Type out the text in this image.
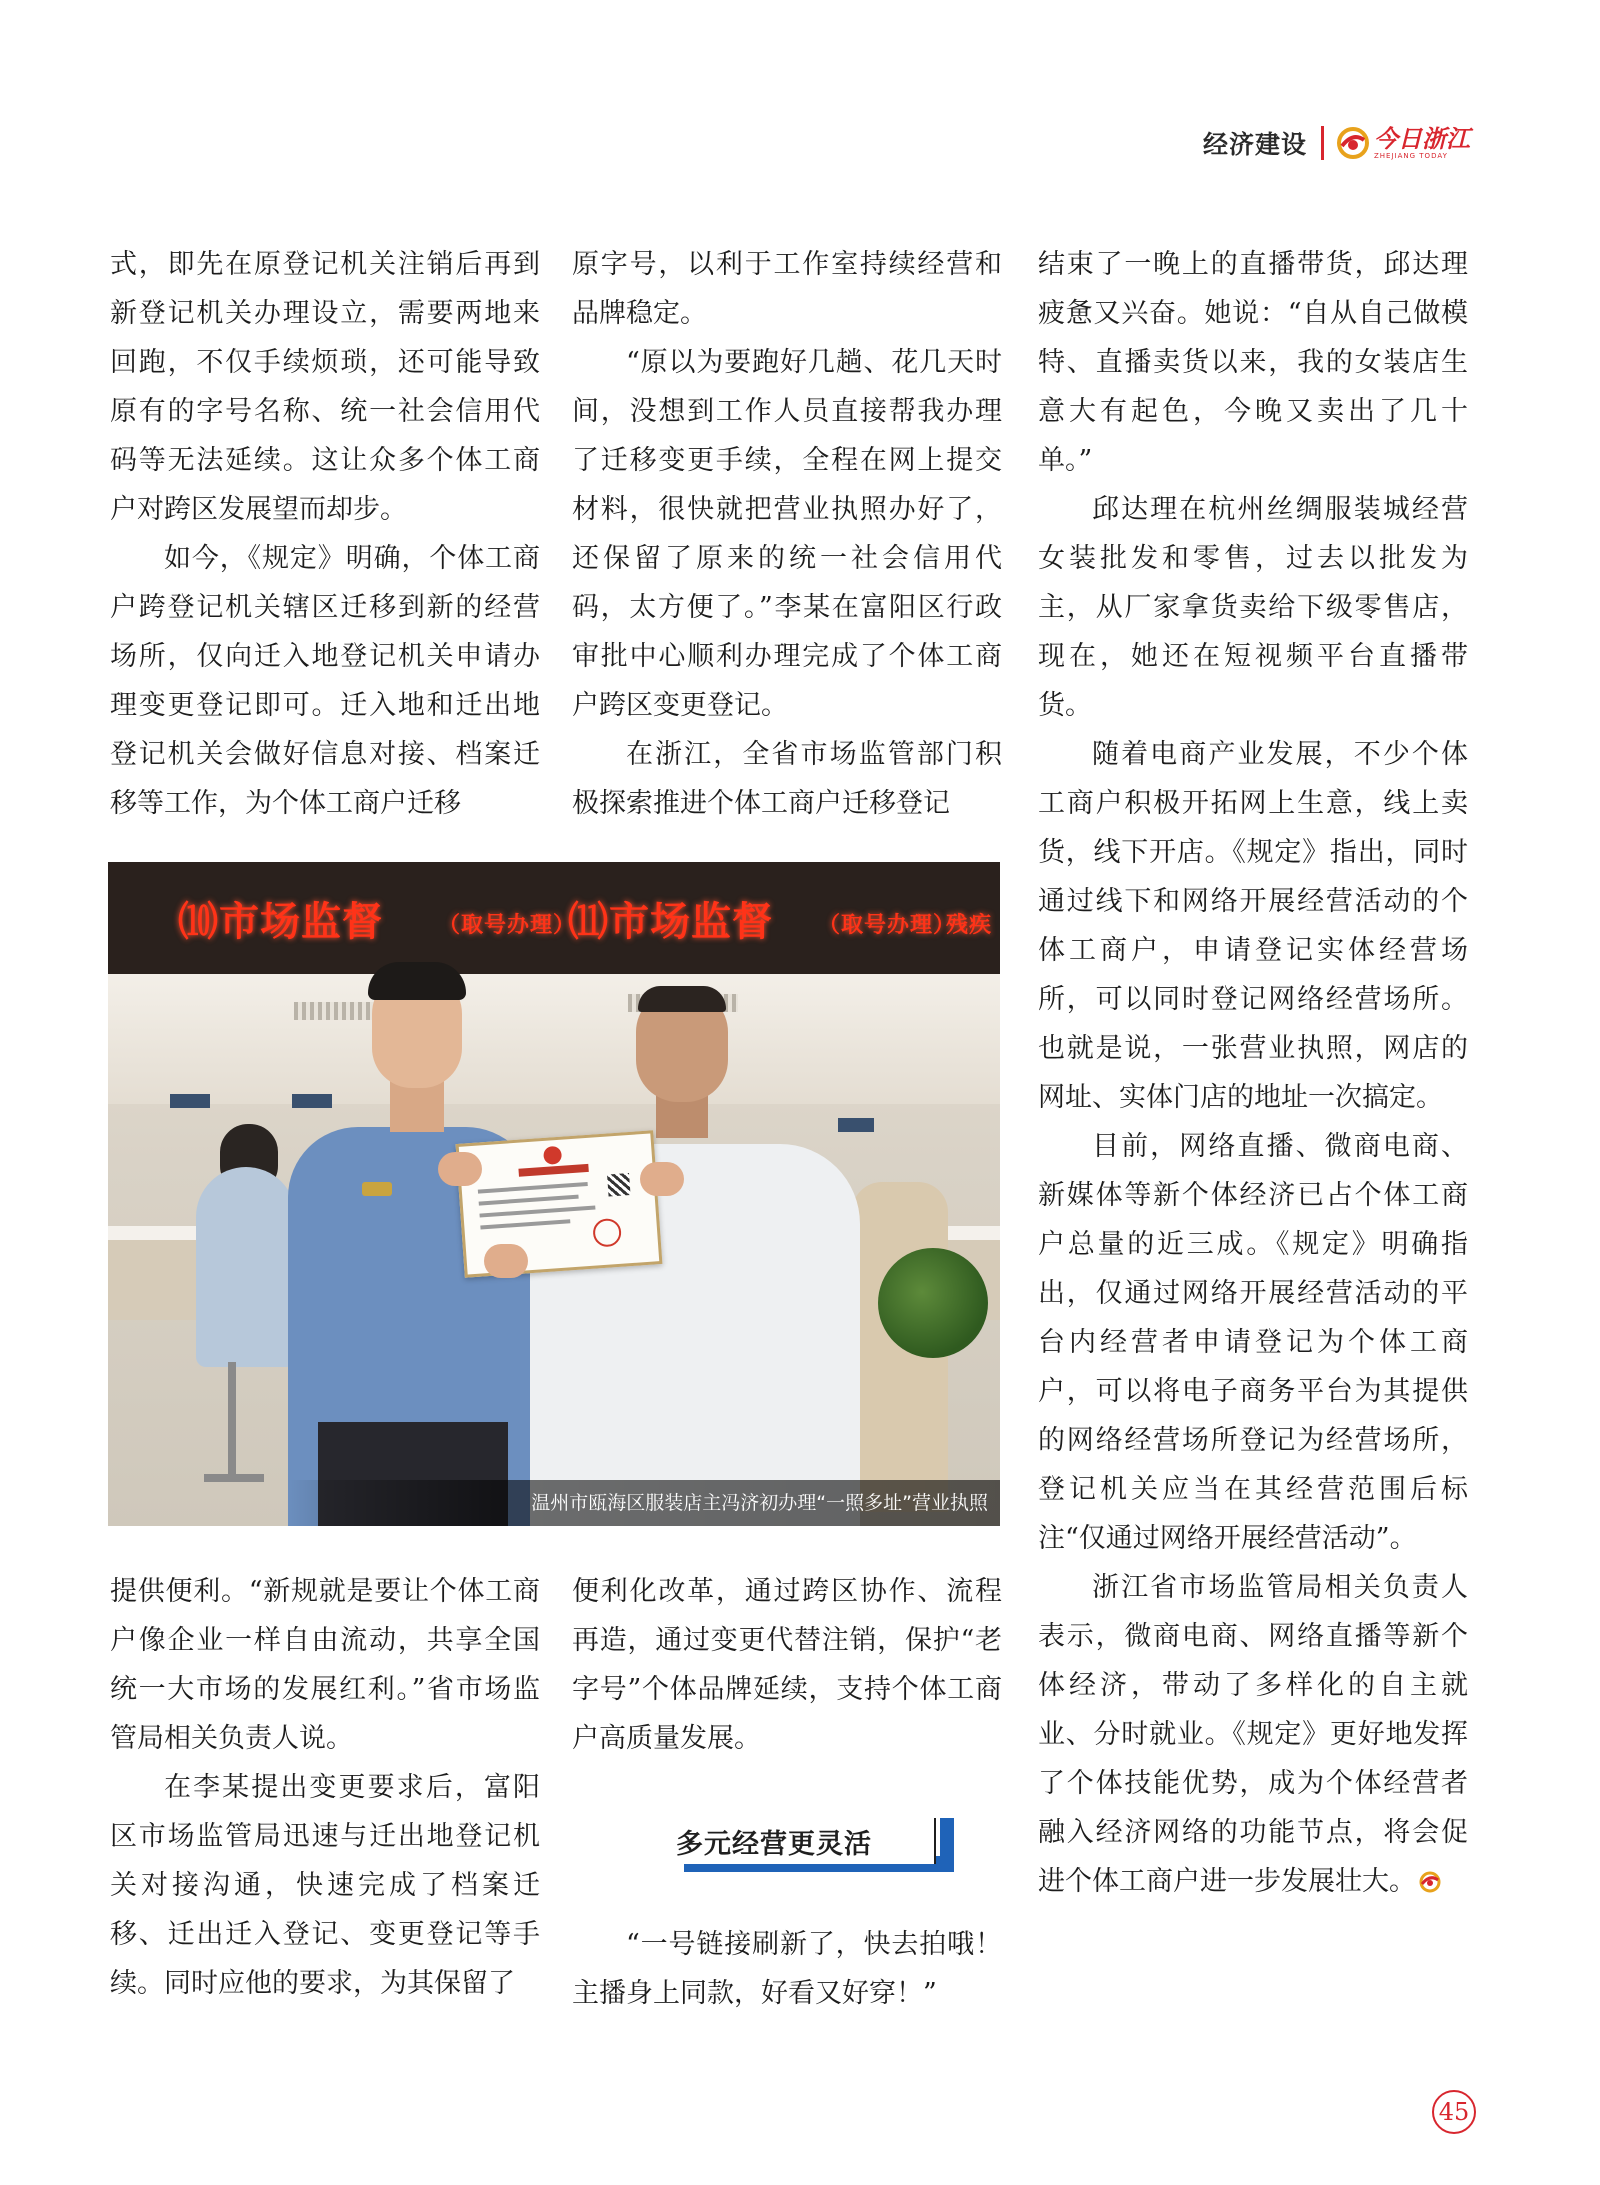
经济建设	今日浙江
ZHEJIANG TODAY

式，即先在原登记机关注销后再到新登记机关办理设立，需要两地来回跑，不仅手续烦琐，还可能导致原有的字号名称、统一社会信用代码等无法延续。这让众多个体工商户对跨区发展望而却步。

如今，《规定》明确，个体工商户跨登记机关辖区迁移到新的经营场所，仅向迁入地登记机关申请办理变更登记即可。迁入地和迁出地登记机关会做好信息对接、档案迁移等工作，为个体工商户迁移

原字号，以利于工作室持续经营和品牌稳定。

“原以为要跑好几趟、花几天时间，没想到工作人员直接帮我办理了迁移变更手续，全程在网上提交材料，很快就把营业执照办好了，还保留了原来的统一社会信用代码，太方便了。”李某在富阳区行政审批中心顺利办理完成了个体工商户跨区变更登记。

在浙江，全省市场监管部门积极探索推进个体工商户迁移登记

⑽市场监督	（取号办理）
⑾市场监督 （取号办理）
残疾
温州市瓯海区服装店主冯济初办理“一照多址”营业执照

提供便利。“新规就是要让个体工商户像企业一样自由流动，共享全国统一大市场的发展红利。”省市场监管局相关负责人说。

在李某提出变更要求后，富阳区市场监管局迅速与迁出地登记机关对接沟通，快速完成了档案迁移、迁出迁入登记、变更登记等手续。同时应他的要求，为其保留了

便利化改革，通过跨区协作、流程再造，通过变更代替注销，保护“老字号”个体品牌延续，支持个体工商户高质量发展。

多元经营更灵活

“一号链接刷新了，快去拍哦！主播身上同款，好看又好穿！”

结束了一晚上的直播带货，邱达理疲惫又兴奋。她说：“自从自己做模特、直播卖货以来，我的女装店生意大有起色，今晚又卖出了几十单。”

邱达理在杭州丝绸服装城经营女装批发和零售，过去以批发为主，从厂家拿货卖给下级零售店，现在，她还在短视频平台直播带货。

随着电商产业发展，不少个体工商户积极开拓网上生意，线上卖货，线下开店。《规定》指出，同时通过线下和网络开展经营活动的个体工商户，申请登记实体经营场所，可以同时登记网络经营场所。也就是说，一张营业执照，网店的网址、实体门店的地址一次搞定。

目前，网络直播、微商电商、新媒体等新个体经济已占个体工商户总量的近三成。《规定》明确指出，仅通过网络开展经营活动的平台内经营者申请登记为个体工商户，可以将电子商务平台为其提供的网络经营场所登记为经营场所，登记机关应当在其经营范围后标注“仅通过网络开展经营活动”。

浙江省市场监管局相关负责人表示，微商电商、网络直播等新个体经济，带动了多样化的自主就业、分时就业。《规定》更好地发挥了个体技能优势，成为个体经营者融入经济网络的功能节点，将会促进个体工商户进一步发展壮大。

45
